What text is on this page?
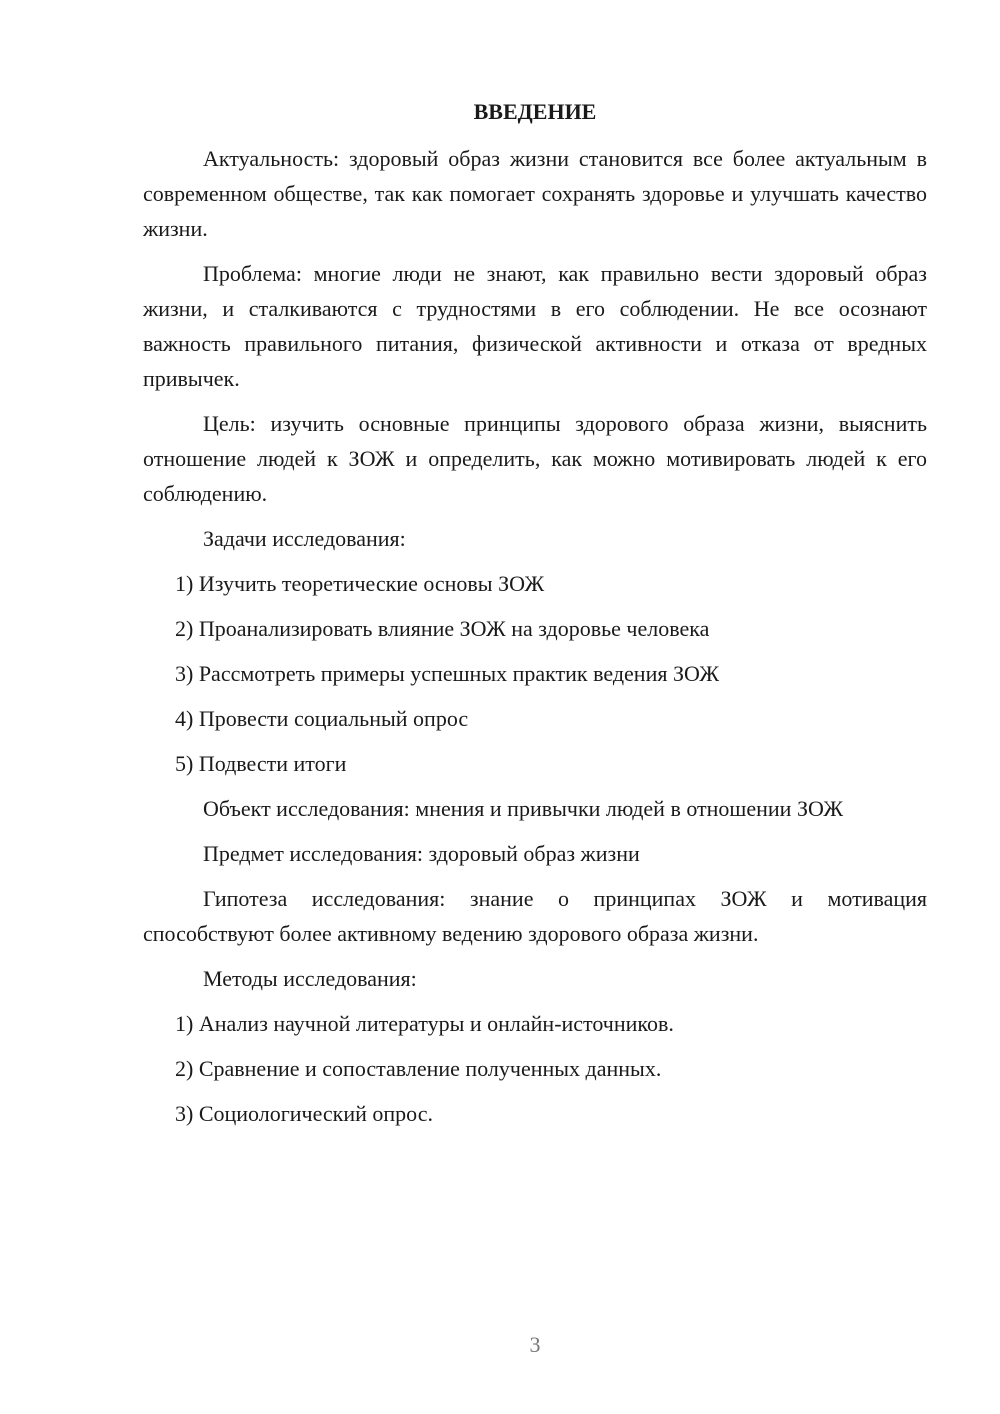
ВВЕДЕНИЕ
Актуальность: здоровый образ жизни становится все более актуальным в современном обществе, так как помогает сохранять здоровье и улучшать качество жизни.
Проблема: многие люди не знают, как правильно вести здоровый образ жизни, и сталкиваются с трудностями в его соблюдении. Не все осознают важность правильного питания, физической активности и отказа от вредных привычек.
Цель: изучить основные принципы здорового образа жизни, выяснить отношение людей к ЗОЖ и определить, как можно мотивировать людей к его соблюдению.
Задачи исследования:
1) Изучить теоретические основы ЗОЖ
2) Проанализировать влияние ЗОЖ на здоровье человека
3) Рассмотреть примеры успешных практик ведения ЗОЖ
4) Провести социальный опрос
5) Подвести итоги
Объект исследования: мнения и привычки людей в отношении ЗОЖ
Предмет исследования: здоровый образ жизни
Гипотеза исследования: знание о принципах ЗОЖ и мотивация способствуют более активному ведению здорового образа жизни.
Методы исследования:
1) Анализ научной литературы и онлайн-источников.
2) Сравнение и сопоставление полученных данных.
3) Социологический опрос.
3
